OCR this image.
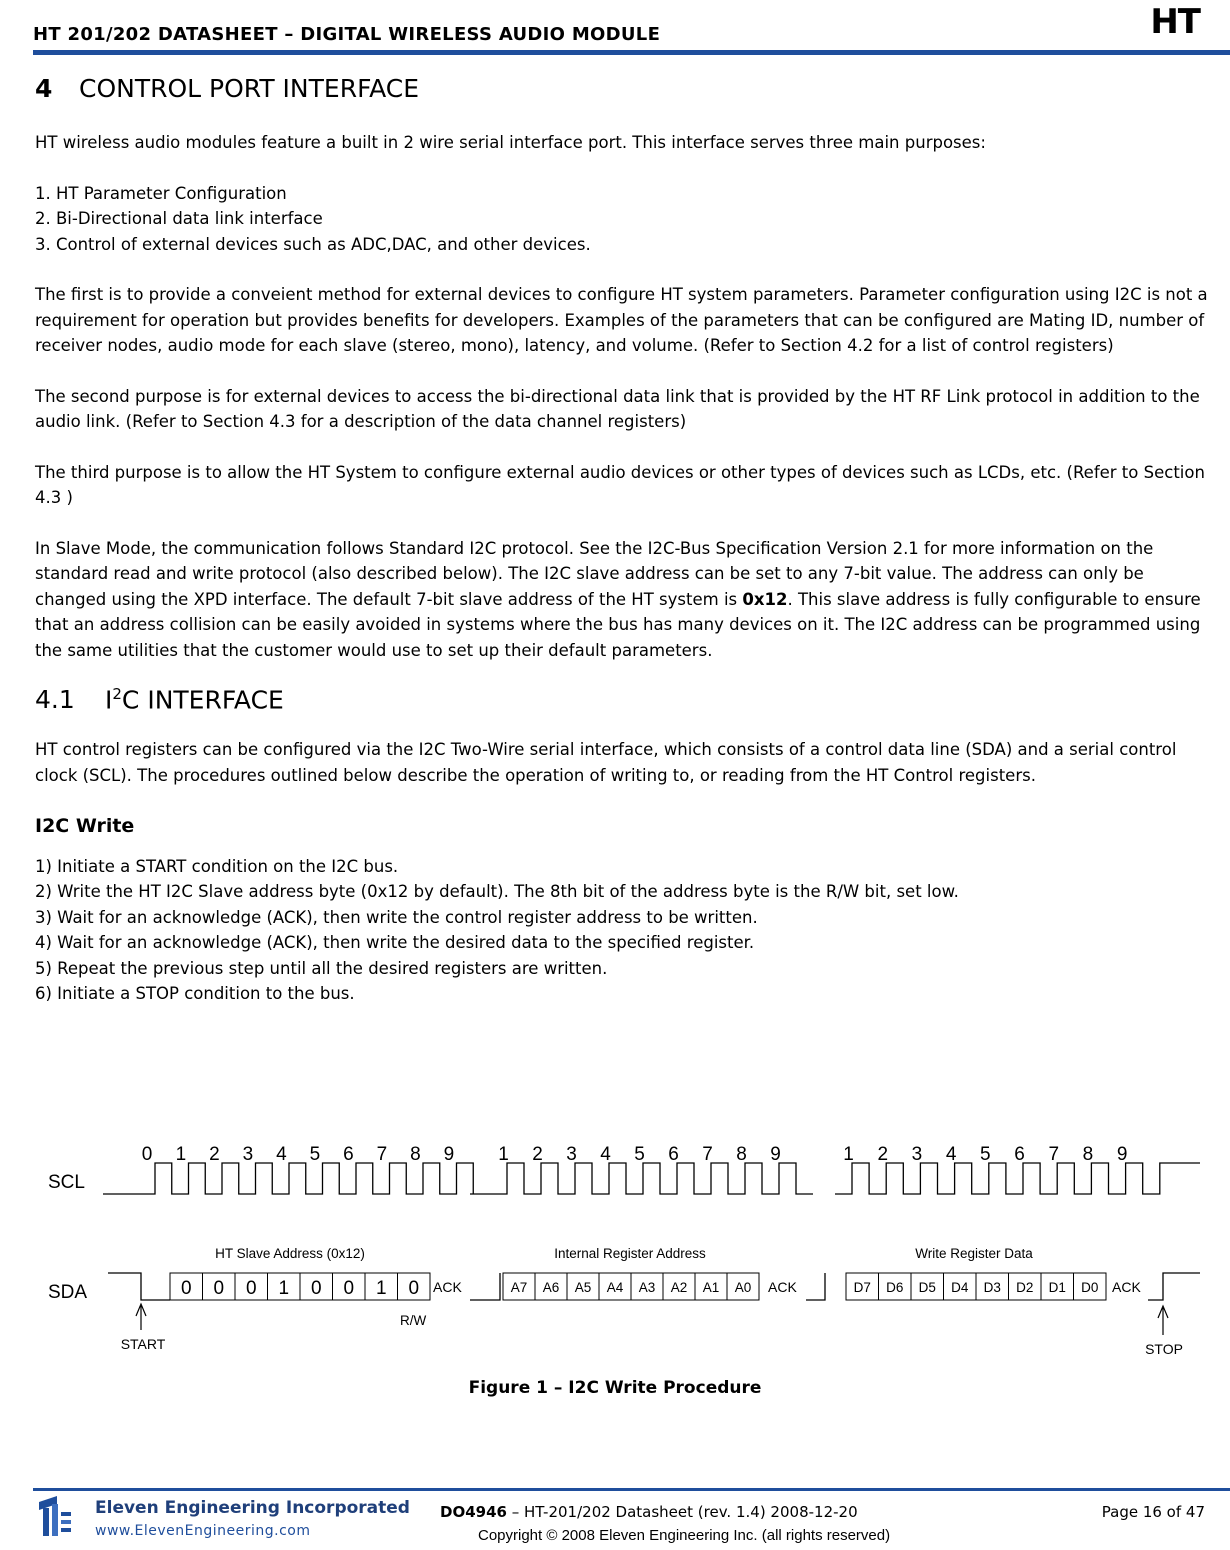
HT 201/202 DATASHEET – DIGITAL WIRELESS AUDIO MODULE	HT
4 CONTROL PORT INTERFACE

HT wireless audio modules feature a built in 2 wire serial interface port. This interface serves three main purposes:

1. HT Parameter Conﬁguration

2. Bi-Directional data link interface

3. Control of external devices such as ADC,DAC, and other devices.

The ﬁrst is to provide a conveient method for external devices to conﬁgure HT system parameters. Parameter conﬁguration using I2C is not a requirement for operation but provides beneﬁts for developers. Examples of the parameters that can be conﬁgured are Mating ID, number of receiver nodes, audio mode for each slave (stereo, mono), latency, and volume. (Refer to Section 4.2 for a list of control registers)

The second purpose is for external devices to access the bi-directional data link that is provided by the HT RF Link protocol in addition to the audio link. (Refer to Section 4.3 for a description of the data channel registers)

The third purpose is to allow the HT System to conﬁgure external audio devices or other types of devices such as LCDs, etc. (Refer to Section 4.3 )

In Slave Mode, the communication follows Standard I2C protocol. See the I2C-Bus Speciﬁcation Version 2.1 for more information on the standard read and write protocol (also described below). The I2C slave address can be set to any 7-bit value. The address can only be changed using the XPD interface. The default 7-bit slave address of the HT system is 0x12. This slave address is fully conﬁgurable to ensure that an address collision can be easily avoided in systems where the bus has many devices on it. The I2C address can be programmed using the same utilities that the customer would use to set up their default parameters.

4.1 $I^2C$ INTERFACE

HT control registers can be conﬁgured via the I2C Two-Wire serial interface, which consists of a control data line (SDA) and a serial control clock (SCL). The procedures outlined below describe the operation of writing to, or reading from the HT Control registers.

I2C Write

1) Initiate a START condition on the I2C bus.

2) Write the HT I2C Slave address byte (0x12 by default). The 8th bit of the address byte is the R/W bit, set low.

3) Wait for an acknowledge (ACK), then write the control register address to be written.

4) Wait for an acknowledge (ACK), then write the desired data to the speciﬁed register.

5) Repeat the previous step until all the desired registers are written.

6) Initiate a STOP condition to the bus.

SCL
SDA
0 1 2 3 4 5 6 7 8 9 1 2 3 4 5 6 7 8 9	1 2 3 4 5 6 7 8 9
0 0 0 1 0 0 1 0
HT Slave Address (0x12)
ACK
R/W
A7 A6 A5 A4 A3 A2 A1 A0
Internal Register Address
ACK	D7 D6 D5 D4 D3 D2 D1 D0
Write Register Data
ACK
START	STOP
Figure 1 – I2C Write Procedure
Eleven Engineering Incorporated
www.ElevenEngineering.com
DO4946 – HT-201/202 Datasheet (rev. 1.4) 2008-12-20
Copyright © 2008 Eleven Engineering Inc. (all rights reserved)
Page 16 of 47
